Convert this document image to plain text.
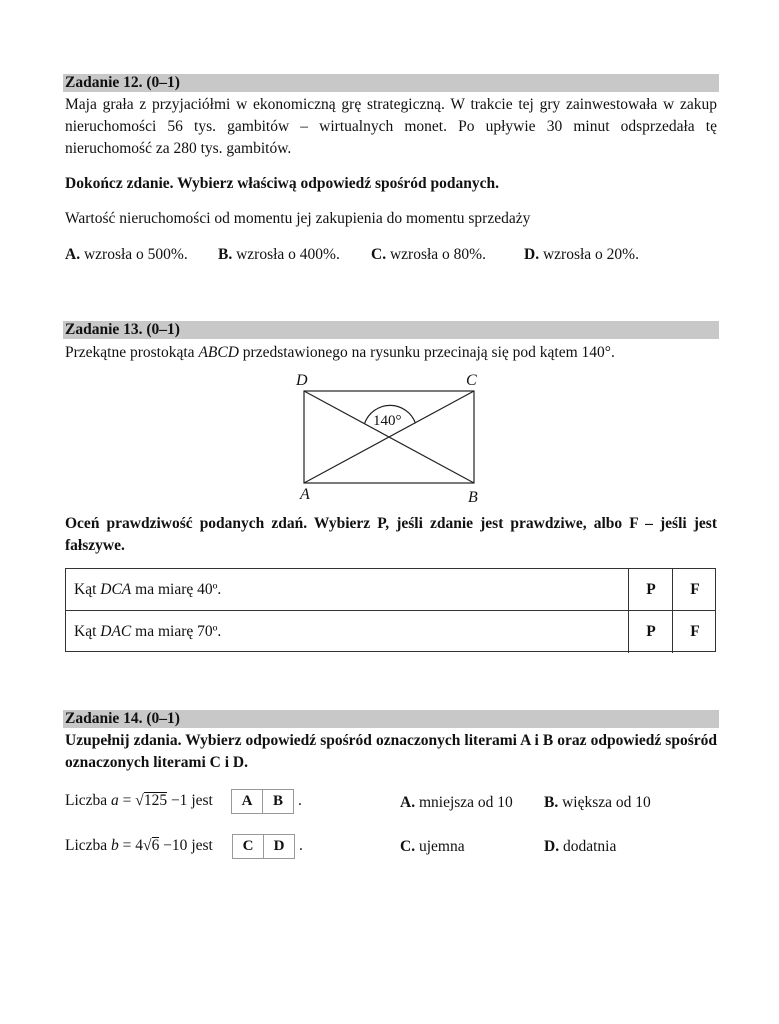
Zadanie 12. (0–1)
Maja grała z przyjaciółmi w ekonomiczną grę strategiczną. W trakcie tej gry zainwestowała w zakup nieruchomości 56 tys. gambitów – wirtualnych monet. Po upływie 30 minut odsprzedała tę nieruchomość za 280 tys. gambitów.
Dokończ zdanie. Wybierz właściwą odpowiedź spośród podanych.
Wartość nieruchomości od momentu jej zakupienia do momentu sprzedaży
A. wzrosła o 500%. B. wzrosła o 400%. C. wzrosła o 80%. D. wzrosła o 20%.
Zadanie 13. (0–1)
Przekątne prostokąta ABCD przedstawionego na rysunku przecinają się pod kątem 140°.
D	C
A	B
140°
Oceń prawdziwość podanych zdań. Wybierz P, jeśli zdanie jest prawdziwe, albo F – jeśli jest fałszywe.
Kąt DCA ma miarę 40º.	P	F
Kąt DAC ma miarę 70º.	P	F
Zadanie 14. (0–1)
Uzupełnij zdania. Wybierz odpowiedź spośród oznaczonych literami A i B oraz odpowiedź spośród oznaczonych literami C i D.
Liczba a = √125 −1 jest	A	B .
Liczba b = 4√6 −10 jest	C	D .
A. mniejsza od 10 B. większa od 10
C. ujemna	D. dodatnia
